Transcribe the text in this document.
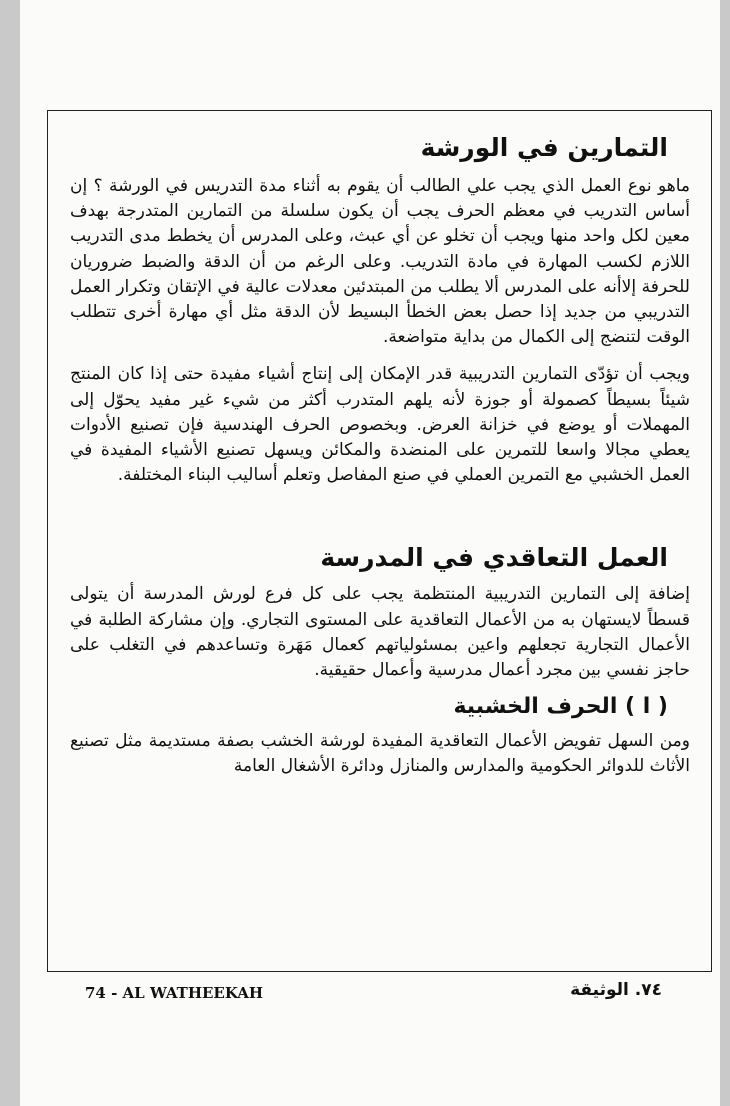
التمارين في الورشة

ماهو نوع العمل الذي يجب علي الطالب أن يقوم به أثناء مدة التدريس في الورشة ؟ إن أساس التدريب في معظم الحرف يجب أن يكون سلسلة من التمارين المتدرجة بهدف معين لكل واحد منها ويجب أن تخلو عن أي عبث، وعلى المدرس أن يخطط مدى التدريب اللازم لكسب المهارة في مادة التدريب. وعلى الرغم من أن الدقة والضبط ضروريان للحرفة إلاأنه على المدرس ألا يطلب من المبتدئين معدلات عالية في الإتقان وتكرار العمل التدريبي من جديد إذا حصل بعض الخطأ البسيط لأن الدقة مثل أي مهارة أخرى تتطلب الوقت لتنضج إلى الكمال من بداية متواضعة.

ويجب أن تؤدّى التمارين التدريبية قدر الإمكان إلى إنتاج أشياء مفيدة حتى إذا كان المنتج شيئاً بسيطاً كصمولة أو جوزة لأنه يلهم المتدرب أكثر من شيء غير مفيد يحوّل إلى المهملات أو يوضع في خزانة العرض. وبخصوص الحرف الهندسية فإن تصنيع الأدوات يعطي مجالا واسعا للتمرين على المنضدة والمكائن ويسهل تصنيع الأشياء المفيدة في العمل الخشبي مع التمرين العملي في صنع المفاصل وتعلم أساليب البناء المختلفة.

العمل التعاقدي في المدرسة

إضافة إلى التمارين التدريبية المنتظمة يجب على كل فرع لورش المدرسة أن يتولى قسطاً لايستهان به من الأعمال التعاقدية على المستوى التجاري. وإن مشاركة الطلبة في الأعمال التجارية تجعلهم واعين بمسئولياتهم كعمال مَهَرة وتساعدهم في التغلب على حاجز نفسي بين مجرد أعمال مدرسية وأعمال حقيقية.

( ا ) الحرف الخشبية

ومن السهل تفويض الأعمال التعاقدية المفيدة لورشة الخشب بصفة مستديمة مثل تصنيع الأثاث للدوائر الحكومية والمدارس والمنازل ودائرة الأشغال العامة

74 - AL WATHEEKAH	٧٤. الوثيقة
